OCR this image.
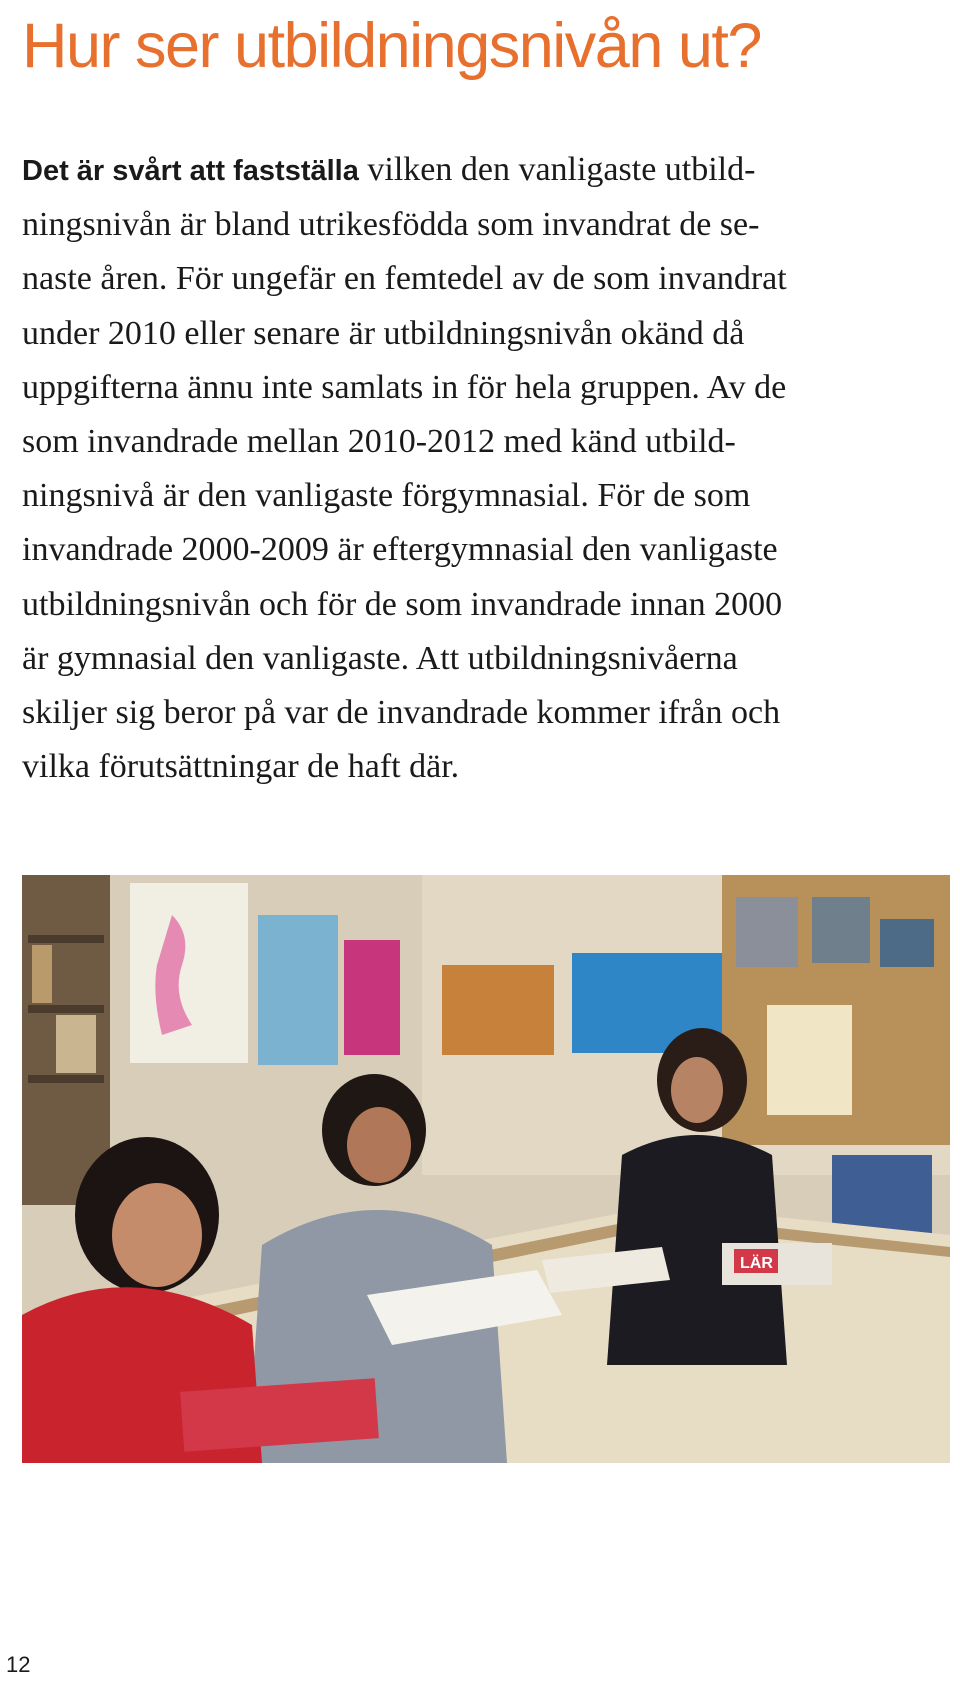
Hur ser utbildningsnivån ut?
Det är svårt att fastställa vilken den vanligaste utbild-
ningsnivån är bland utrikesfödda som invandrat de se-
naste åren. För ungefär en femtedel av de som invandrat
under 2010 eller senare är utbildningsnivån okänd då
uppgifterna ännu inte samlats in för hela gruppen. Av de
som invandrade mellan 2010-2012 med känd utbild-
ningsnivå är den vanligaste förgymnasial. För de som
invandrade 2000-2009 är eftergymnasial den vanligaste
utbildningsnivån och för de som invandrade innan 2000
är gymnasial den vanligaste. Att utbildningsnivåerna
skiljer sig beror på var de invandrade kommer ifrån och
vilka förutsättningar de haft där.
LÄR
12
